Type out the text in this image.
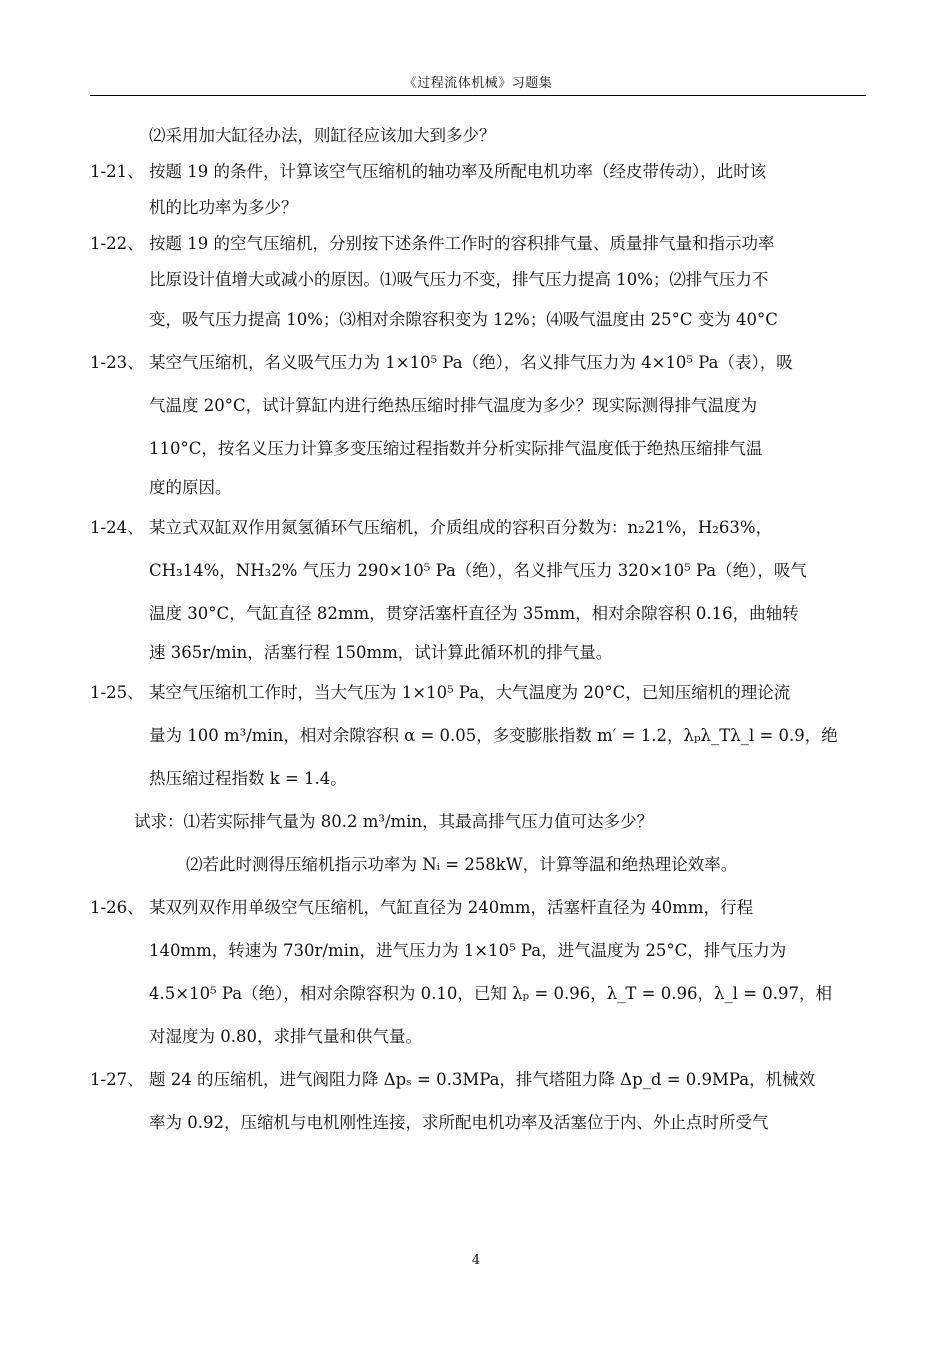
《过程流体机械》习题集
⑵采用加大缸径办法，则缸径应该加大到多少？
1-21、 按题 19 的条件，计算该空气压缩机的轴功率及所配电机功率（经皮带传动），此时该
机的比功率为多少？
1-22、 按题 19 的空气压缩机，分别按下述条件工作时的容积排气量、质量排气量和指示功率
比原设计值增大或减小的原因。⑴吸气压力不变，排气压力提高 10%；⑵排气压力不
变，吸气压力提高 10%；⑶相对余隙容积变为 12%；⑷吸气温度由 25°C 变为 40°C
1-23、 某空气压缩机，名义吸气压力为 1×10⁵ Pa（绝），名义排气压力为 4×10⁵ Pa（表），吸
气温度 20°C，试计算缸内进行绝热压缩时排气温度为多少？现实际测得排气温度为
110°C，按名义压力计算多变压缩过程指数并分析实际排气温度低于绝热压缩排气温
度的原因。
1-24、 某立式双缸双作用氮氢循环气压缩机，介质组成的容积百分数为：n₂21%，H₂63%，
CH₃14%，NH₃2% 气压力 290×10⁵ Pa（绝），名义排气压力 320×10⁵ Pa（绝），吸气
温度 30°C，气缸直径 82mm，贯穿活塞杆直径为 35mm，相对余隙容积 0.16，曲轴转
速 365r/min，活塞行程 150mm，试计算此循环机的排气量。
1-25、 某空气压缩机工作时，当大气压为 1×10⁵ Pa，大气温度为 20°C，已知压缩机的理论流
量为 100 m³/min，相对余隙容积 α = 0.05，多变膨胀指数 m′ = 1.2，λₚλ_Tλ_l = 0.9，绝
热压缩过程指数 k = 1.4。
试求：⑴若实际排气量为 80.2 m³/min，其最高排气压力值可达多少？
⑵若此时测得压缩机指示功率为 Nᵢ = 258kW，计算等温和绝热理论效率。
1-26、 某双列双作用单级空气压缩机，气缸直径为 240mm，活塞杆直径为 40mm，行程
140mm，转速为 730r/min，进气压力为 1×10⁵ Pa，进气温度为 25°C，排气压力为
4.5×10⁵ Pa（绝），相对余隙容积为 0.10，已知 λₚ = 0.96，λ_T = 0.96，λ_l = 0.97，相
对湿度为 0.80，求排气量和供气量。
1-27、 题 24 的压缩机，进气阀阻力降 Δpₛ = 0.3MPa，排气塔阻力降 Δp_d = 0.9MPa，机械效
率为 0.92，压缩机与电机刚性连接，求所配电机功率及活塞位于内、外止点时所受气
4
